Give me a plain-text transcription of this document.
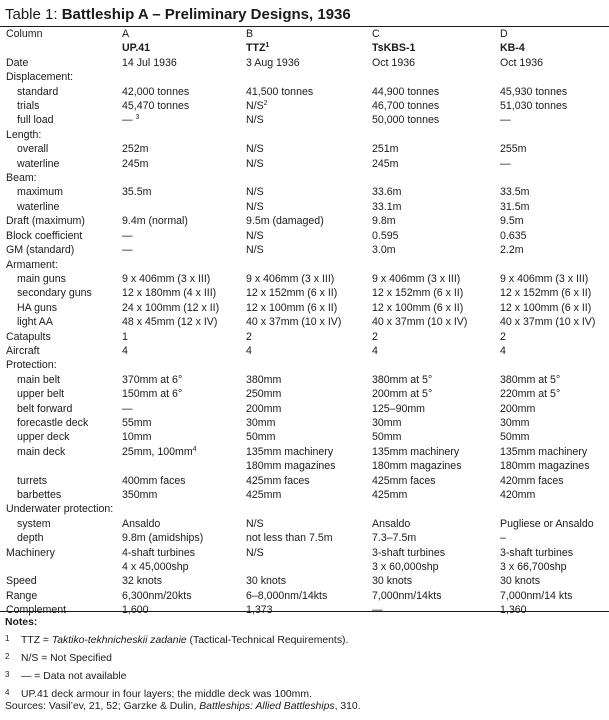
Table 1: Battleship A – Preliminary Designs, 1936
Column	A	B	C	D
	UP.41	TTZ$^1$	TsKBS-1	KB-4
Date	14 Jul 1936	3 Aug 1936	Oct 1936	Oct 1936
Displacement:				
standard	42,000 tonnes	41,500 tonnes	44,900 tonnes	45,930 tonnes
trials	45,470 tonnes	$N/S^2$	46,700 tonnes	51,030 tonnes
full load	— $^3$	N/S	50,000 tonnes	—
Length:				
overall	252m	N/S	251m	255m
waterline	245m	N/S	245m	—
Beam:				
maximum	35.5m	N/S	33.6m	33.5m
waterline		N/S	33.1m	31.5m
Draft (maximum)	9.4m (normal)	9.5m (damaged)	9.8m	9.5m
Block coefficient	—	N/S	0.595	0.635
GM (standard)	—	N/S	3.0m	2.2m
Armament:				
main guns	9 x 406mm (3 x III)	9 x 406mm (3 x III)	9 x 406mm (3 x III)	9 x 406mm (3 x III)
secondary guns	12 x 180mm (4 x III)	12 x 152mm (6 x II)	12 x 152mm (6 x II)	12 x 152mm (6 x II)
HA guns	24 x 100mm (12 x II)	12 x 100mm (6 x II)	12 x 100mm (6 x II)	12 x 100mm (6 x II)
light AA	48 x 45mm (12 x IV)	40 x 37mm (10 x IV)	40 x 37mm (10 x IV)	40 x 37mm (10 x IV)
Catapults	1	2	2	2
Aircraft	4	4	4	4
Protection:				
main belt	370mm at 6°	380mm	380mm at 5°	380mm at 5°
upper belt	150mm at 6°	250mm	200mm at 5°	220mm at 5°
belt forward	—	200mm	125–90mm	200mm
forecastle deck	55mm	30mm	30mm	30mm
upper deck	10mm	50mm	50mm	50mm
main deck	25mm, $100mm^4$	135mm machinery	135mm machinery	135mm machinery
		180mm magazines	180mm magazines	180mm magazines
turrets	400mm faces	425mm faces	425mm faces	420mm faces
barbettes	350mm	425mm	425mm	420mm
Underwater protection:				
system	Ansaldo	N/S	Ansaldo	Pugliese or Ansaldo
depth	9.8m (amidships)	not less than 7.5m	7.3–7.5m	–
Machinery	4-shaft turbines	N/S	3-shaft turbines	3-shaft turbines
	4 x 45,000shp		3 x 60,000shp	3 x 66,700shp
Speed	32 knots	30 knots	30 knots	30 knots
Range	6,300nm/20kts	6–8,000nm/14kts	7,000nm/14kts	7,000nm/14 kts
Complement	1,600	1,373	—	1,360
Notes:
1 TTZ = Taktiko-tekhnicheskii zadanie (Tactical-Technical Requirements).
2 N/S = Not Specified
3 — = Data not available
4 UP.41 deck armour in four layers; the middle deck was 100mm.
Sources: Vasil’ev, 21, 52; Garzke & Dulin, Battleships: Allied Battleships, 310.
